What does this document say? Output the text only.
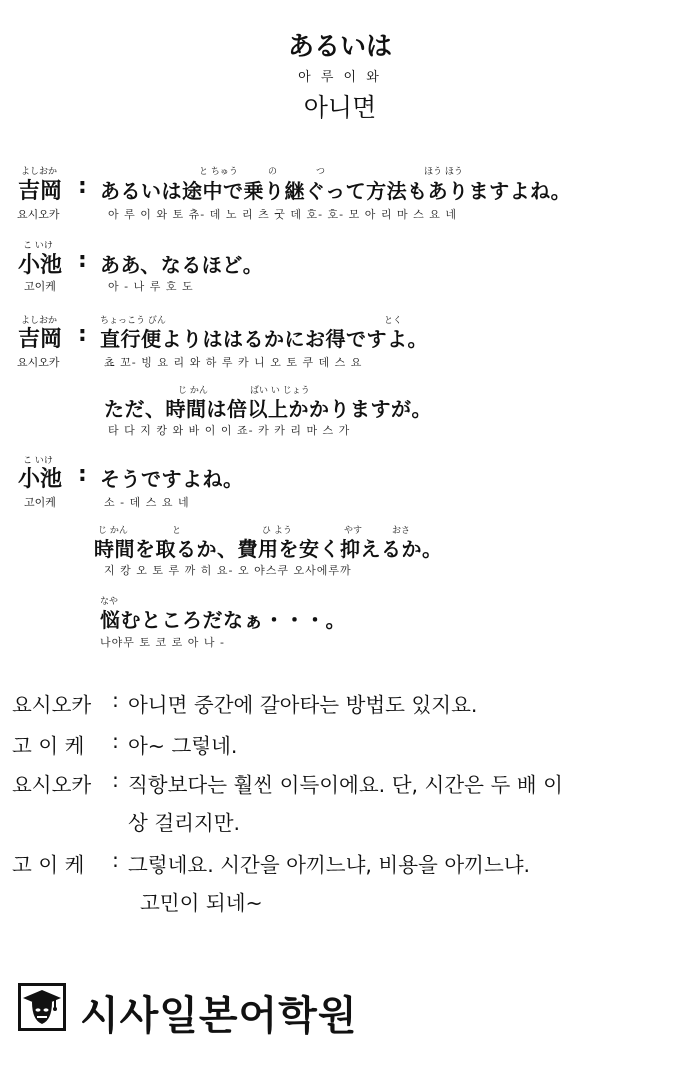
あるいは
아 루 이 와
아니면
よしおか
吉岡
요시오카
:
と ちゅう	の	つ	ほう ほう
あるいは途中で乗り継ぐって方法もありますよね。
아 루 이 와 토 츄- 데 노 리 츠 굿 데 호- 호- 모 아 리 마 스 요 네
こ いけ
小池
고이케
: ああ、なるほど。
아 - 나 루 호 도
よしおか
吉岡
요시오카
:
ちょっこう びん	とく
直行便よりははるかにお得ですよ。
쵸 꼬- 빙 요 리 와 하 루 카 니 오 토 쿠 데 스 요
じ かん	ばい い じょう
ただ、時間は倍以上かかりますが。
타 다 지 캉 와 바 이 이 죠- 카 카 리 마 스 가
こ いけ
小池
고이케
: そうですよね。
소 - 데 스 요 네
じ かん	と	ひ よう	やす	おさ
時間を取るか、費用を安く抑えるか。
지 캉 오 토 루 까 히 요- 오 야스쿠 오사에루까
なや
悩むところだなぁ・・・。
나야무 토 코 로 아 나 -
요시오카 : 아니면 중간에 갈아타는 방법도 있지요.
고 이 케 : 아~ 그렇네.
요시오카 : 직항보다는 훨씬 이득이에요. 단, 시간은 두 배 이
상 걸리지만.
고 이 케 : 그렇네요. 시간을 아끼느냐, 비용을 아끼느냐.
고민이 되네~
시사일본어학원
